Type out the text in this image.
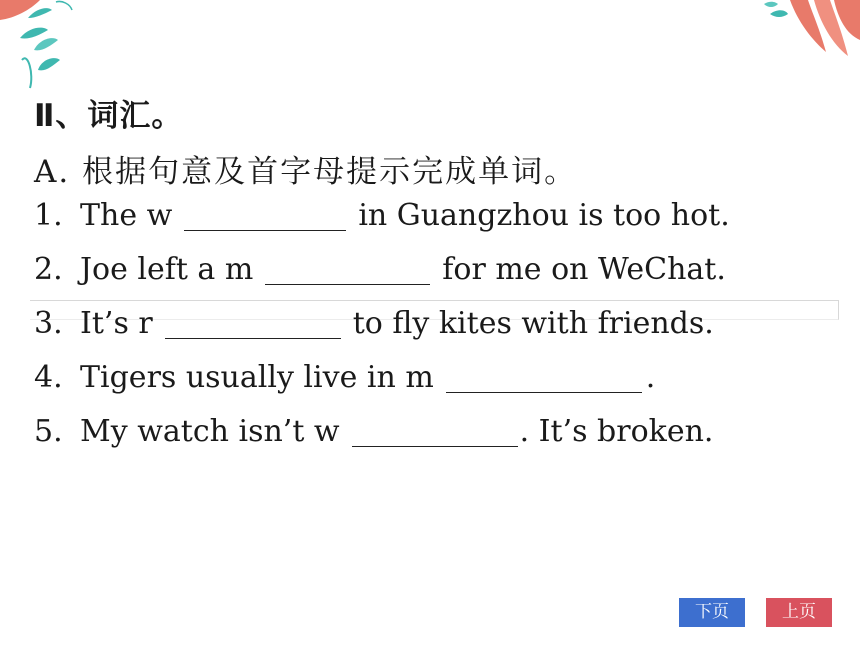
Ⅱ、词汇。
A. 根据句意及首字母提示完成单词。
1. The w	in Guangzhou is too hot.
2. Joe left a m	for me on WeChat.
3. It’s r	to fly kites with friends.
4. Tigers usually live in m	.
5. My watch isn’t w	. It’s broken.
下页	上页
